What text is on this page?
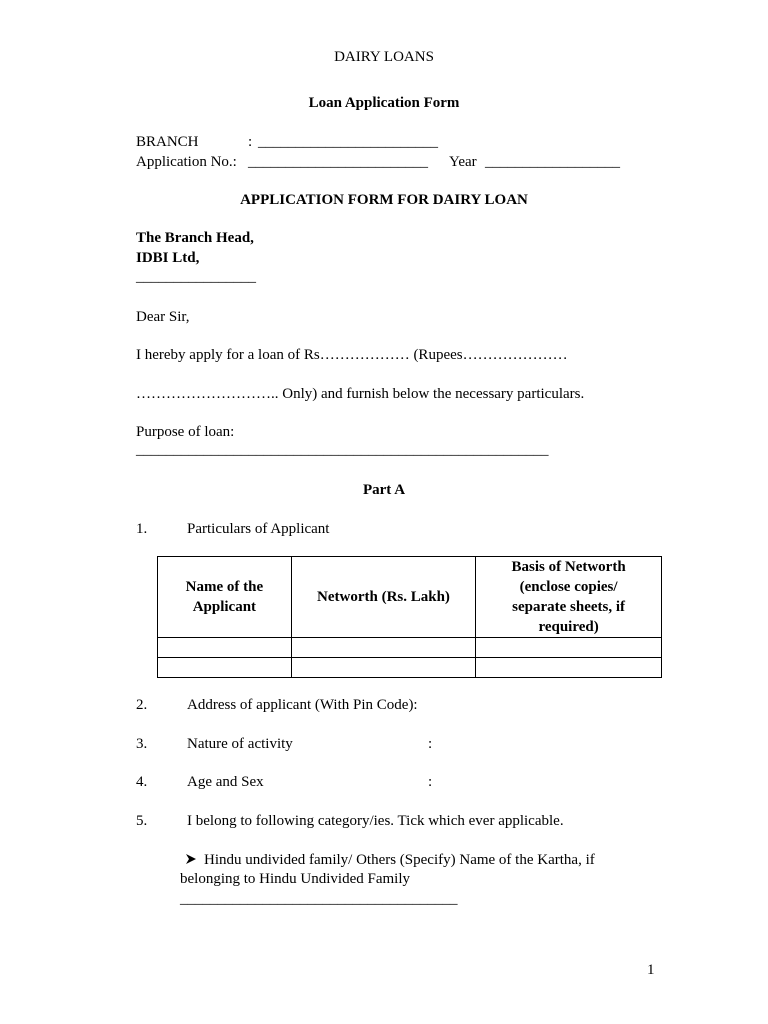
DAIRY LOANS
Loan Application Form
BRANCH	: ________________________
Application No.: ________________________ Year __________________
APPLICATION FORM FOR DAIRY LOAN
The Branch Head,
IDBI Ltd,
________________
Dear Sir,
I hereby apply for a loan of Rs……………… (Rupees…………………
……………………….. Only) and furnish below the necessary particulars.
Purpose of loan:
_______________________________________________________
Part A
1.	Particulars of Applicant
Name of the Applicant	Networth (Rs. Lakh)	Basis of Networth (enclose copies/ separate sheets, if required)

2.	Address of applicant (With Pin Code):
3.	Nature of activity	:
4.	Age and Sex	:
5.	I belong to following category/ies. Tick which ever applicable.
Hindu undivided family/ Others (Specify) Name of the Kartha, if
belonging to Hindu Undivided Family
_____________________________________
1
